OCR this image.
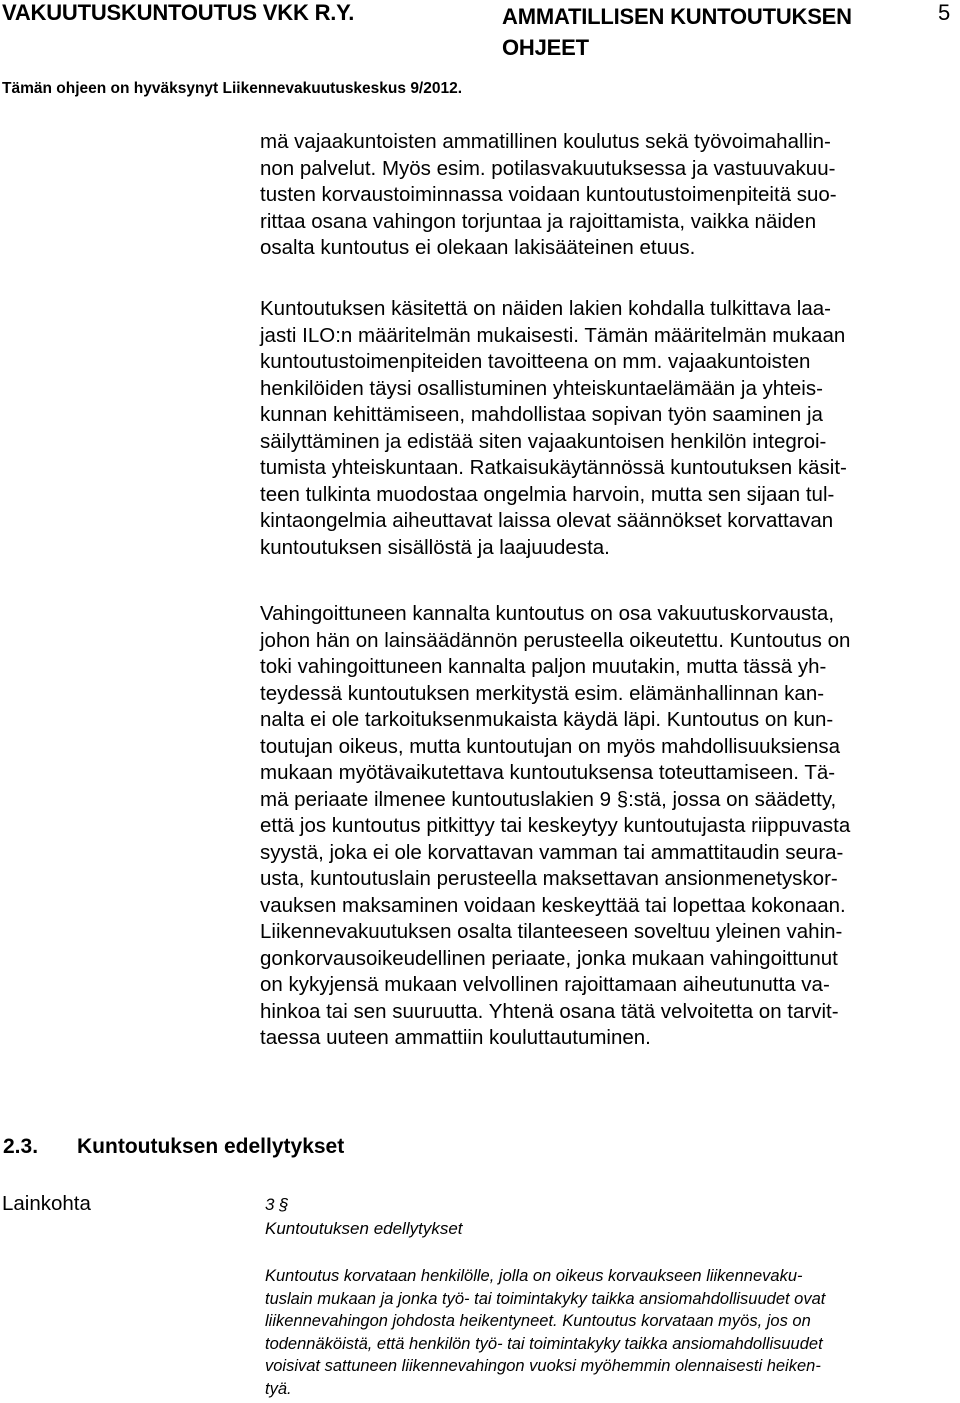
VAKUUTUSKUNTOUTUS VKK R.Y.	AMMATILLISEN KUNTOUTUKSEN
OHJEET
5
Tämän ohjeen on hyväksynyt Liikennevakuutuskeskus 9/2012.
mä vajaakuntoisten ammatillinen koulutus sekä työvoimahallin-
non palvelut. Myös esim. potilasvakuutuksessa ja vastuuvakuu-
tusten korvaustoiminnassa voidaan kuntoutustoimenpiteitä suo-
rittaa osana vahingon torjuntaa ja rajoittamista, vaikka näiden
osalta kuntoutus ei olekaan lakisääteinen etuus.
Kuntoutuksen käsitettä on näiden lakien kohdalla tulkittava laa-
jasti ILO:n määritelmän mukaisesti. Tämän määritelmän mukaan
kuntoutustoimenpiteiden tavoitteena on mm. vajaakuntoisten
henkilöiden täysi osallistuminen yhteiskuntaelämään ja yhteis-
kunnan kehittämiseen, mahdollistaa sopivan työn saaminen ja
säilyttäminen ja edistää siten vajaakuntoisen henkilön integroi-
tumista yhteiskuntaan. Ratkaisukäytännössä kuntoutuksen käsit-
teen tulkinta muodostaa ongelmia harvoin, mutta sen sijaan tul-
kintaongelmia aiheuttavat laissa olevat säännökset korvattavan
kuntoutuksen sisällöstä ja laajuudesta.
Vahingoittuneen kannalta kuntoutus on osa vakuutuskorvausta,
johon hän on lainsäädännön perusteella oikeutettu. Kuntoutus on
toki vahingoittuneen kannalta paljon muutakin, mutta tässä yh-
teydessä kuntoutuksen merkitystä esim. elämänhallinnan kan-
nalta ei ole tarkoituksenmukaista käydä läpi. Kuntoutus on kun-
toutujan oikeus, mutta kuntoutujan on myös mahdollisuuksiensa
mukaan myötävaikutettava kuntoutuksensa toteuttamiseen. Tä-
mä periaate ilmenee kuntoutuslakien 9 §:stä, jossa on säädetty,
että jos kuntoutus pitkittyy tai keskeytyy kuntoutujasta riippuvasta
syystä, joka ei ole korvattavan vamman tai ammattitaudin seura-
usta, kuntoutuslain perusteella maksettavan ansionmenetyskor-
vauksen maksaminen voidaan keskeyttää tai lopettaa kokonaan.
Liikennevakuutuksen osalta tilanteeseen soveltuu yleinen vahin-
gonkorvausoikeudellinen periaate, jonka mukaan vahingoittunut
on kykyjensä mukaan velvollinen rajoittamaan aiheutunutta va-
hinkoa tai sen suuruutta. Yhtenä osana tätä velvoitetta on tarvit-
taessa uuteen ammattiin kouluttautuminen.
2.3. Kuntoutuksen edellytykset
Lainkohta	3 §
Kuntoutuksen edellytykset
Kuntoutus korvataan henkilölle, jolla on oikeus korvaukseen liikennevaku-
tuslain mukaan ja jonka työ- tai toimintakyky taikka ansiomahdollisuudet ovat
liikennevahingon johdosta heikentyneet. Kuntoutus korvataan myös, jos on
todennäköistä, että henkilön työ- tai toimintakyky taikka ansiomahdollisuudet
voisivat sattuneen liikennevahingon vuoksi myöhemmin olennaisesti heiken-
tyä.
